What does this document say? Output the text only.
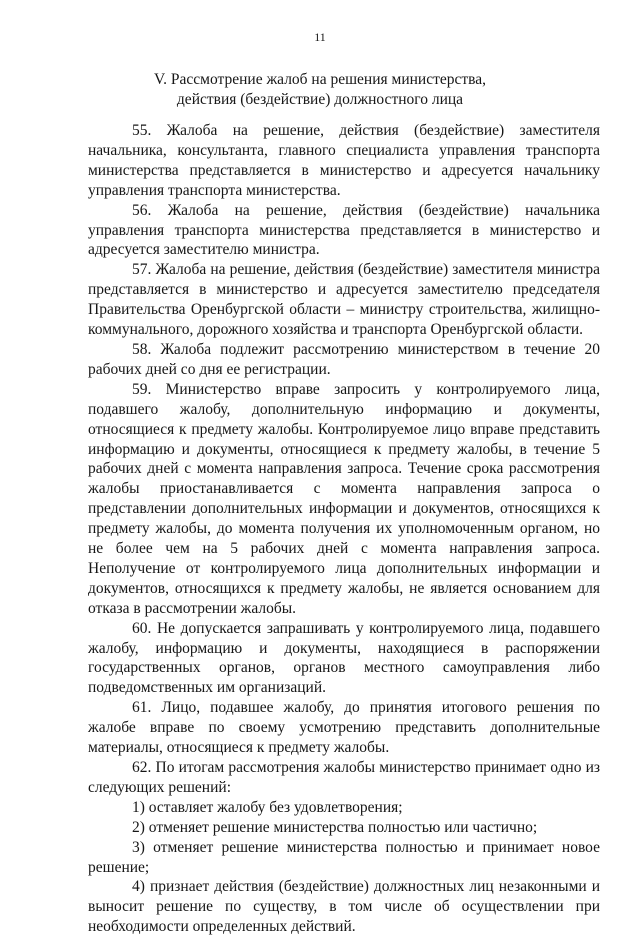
11
V. Рассмотрение жалоб на решения министерства,
действия (бездействие) должностного лица

55. Жалоба на решение, действия (бездействие) заместителя начальника, консультанта, главного специалиста управления транспорта министерства представляется в министерство и адресуется начальнику управления транспорта министерства.

56. Жалоба на решение, действия (бездействие) начальника управления транспорта министерства представляется в министерство и адресуется заместителю министра.

57. Жалоба на решение, действия (бездействие) заместителя министра представляется в министерство и адресуется заместителю председателя Правительства Оренбургской области – министру строительства, жилищно-коммунального, дорожного хозяйства и транспорта Оренбургской области.

58. Жалоба подлежит рассмотрению министерством в течение 20 рабочих дней со дня ее регистрации.

59. Министерство вправе запросить у контролируемого лица, подавшего жалобу, дополнительную информацию и документы, относящиеся к предмету жалобы. Контролируемое лицо вправе представить информацию и документы, относящиеся к предмету жалобы, в течение 5 рабочих дней с момента направления запроса. Течение срока рассмотрения жалобы приостанавливается с момента направления запроса о представлении дополнительных информации и документов, относящихся к предмету жалобы, до момента получения их уполномоченным органом, но не более чем на 5 рабочих дней с момента направления запроса. Неполучение от контролируемого лица дополнительных информации и документов, относящихся к предмету жалобы, не является основанием для отказа в рассмотрении жалобы.

60. Не допускается запрашивать у контролируемого лица, подавшего жалобу, информацию и документы, находящиеся в распоряжении государственных органов, органов местного самоуправления либо подведомственных им организаций.

61. Лицо, подавшее жалобу, до принятия итогового решения по жалобе вправе по своему усмотрению представить дополнительные материалы, относящиеся к предмету жалобы.

62. По итогам рассмотрения жалобы министерство принимает одно из следующих решений:

1) оставляет жалобу без удовлетворения;

2) отменяет решение министерства полностью или частично;

3) отменяет решение министерства полностью и принимает новое решение;

4) признает действия (бездействие) должностных лиц незаконными и выносит решение по существу, в том числе об осуществлении при необходимости определенных действий.
